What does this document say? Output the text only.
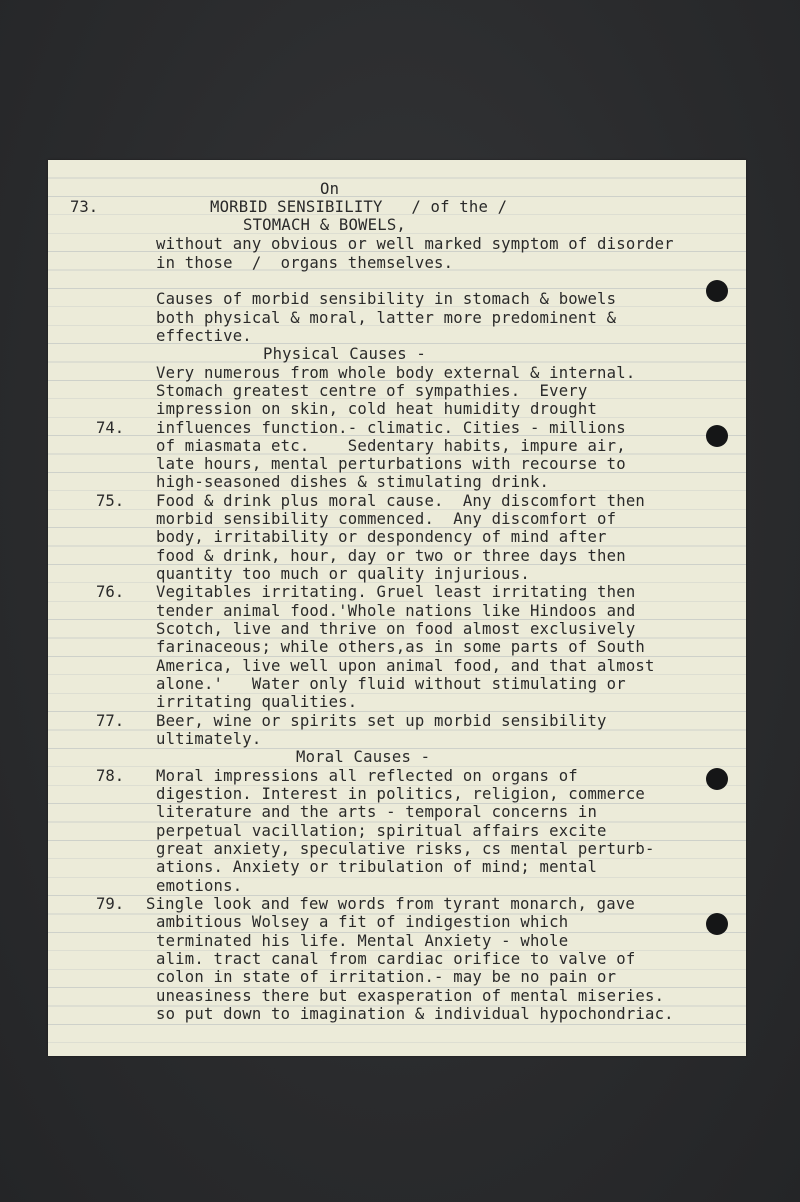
On
MORBID SENSIBILITY   / of the /
STOMACH & BOWELS,
73.
without any obvious or well marked symptom of disorder
in those  /  organs themselves.
Causes of morbid sensibility in stomach & bowels
both physical & moral, latter more predominent &
effective.
Physical Causes -
Very numerous from whole body external & internal.
Stomach greatest centre of sympathies.  Every
impression on skin, cold heat humidity drought
74. influences function.- climatic. Cities - millions
of miasmata etc.    Sedentary habits, impure air,
late hours, mental perturbations with recourse to
high-seasoned dishes & stimulating drink.
75. Food & drink plus moral cause.  Any discomfort then
morbid sensibility commenced.  Any discomfort of
body, irritability or despondency of mind after
food & drink, hour, day or two or three days then
quantity too much or quality injurious.
76. Vegitables irritating. Gruel least irritating then
tender animal food.'Whole nations like Hindoos and
Scotch, live and thrive on food almost exclusively
farinaceous; while others,as in some parts of South
America, live well upon animal food, and that almost
alone.'   Water only fluid without stimulating or
irritating qualities.
77. Beer, wine or spirits set up morbid sensibility
ultimately.
Moral Causes -
78. Moral impressions all reflected on organs of
digestion. Interest in politics, religion, commerce
literature and the arts - temporal concerns in
perpetual vacillation; spiritual affairs excite
great anxiety, speculative risks, cs mental perturb-
ations. Anxiety or tribulation of mind; mental
emotions.
79. Single look and few words from tyrant monarch, gave
ambitious Wolsey a fit of indigestion which
terminated his life. Mental Anxiety - whole
alim. tract canal from cardiac orifice to valve of
colon in state of irritation.- may be no pain or
uneasiness there but exasperation of mental miseries.
so put down to imagination & individual hypochondriac.
